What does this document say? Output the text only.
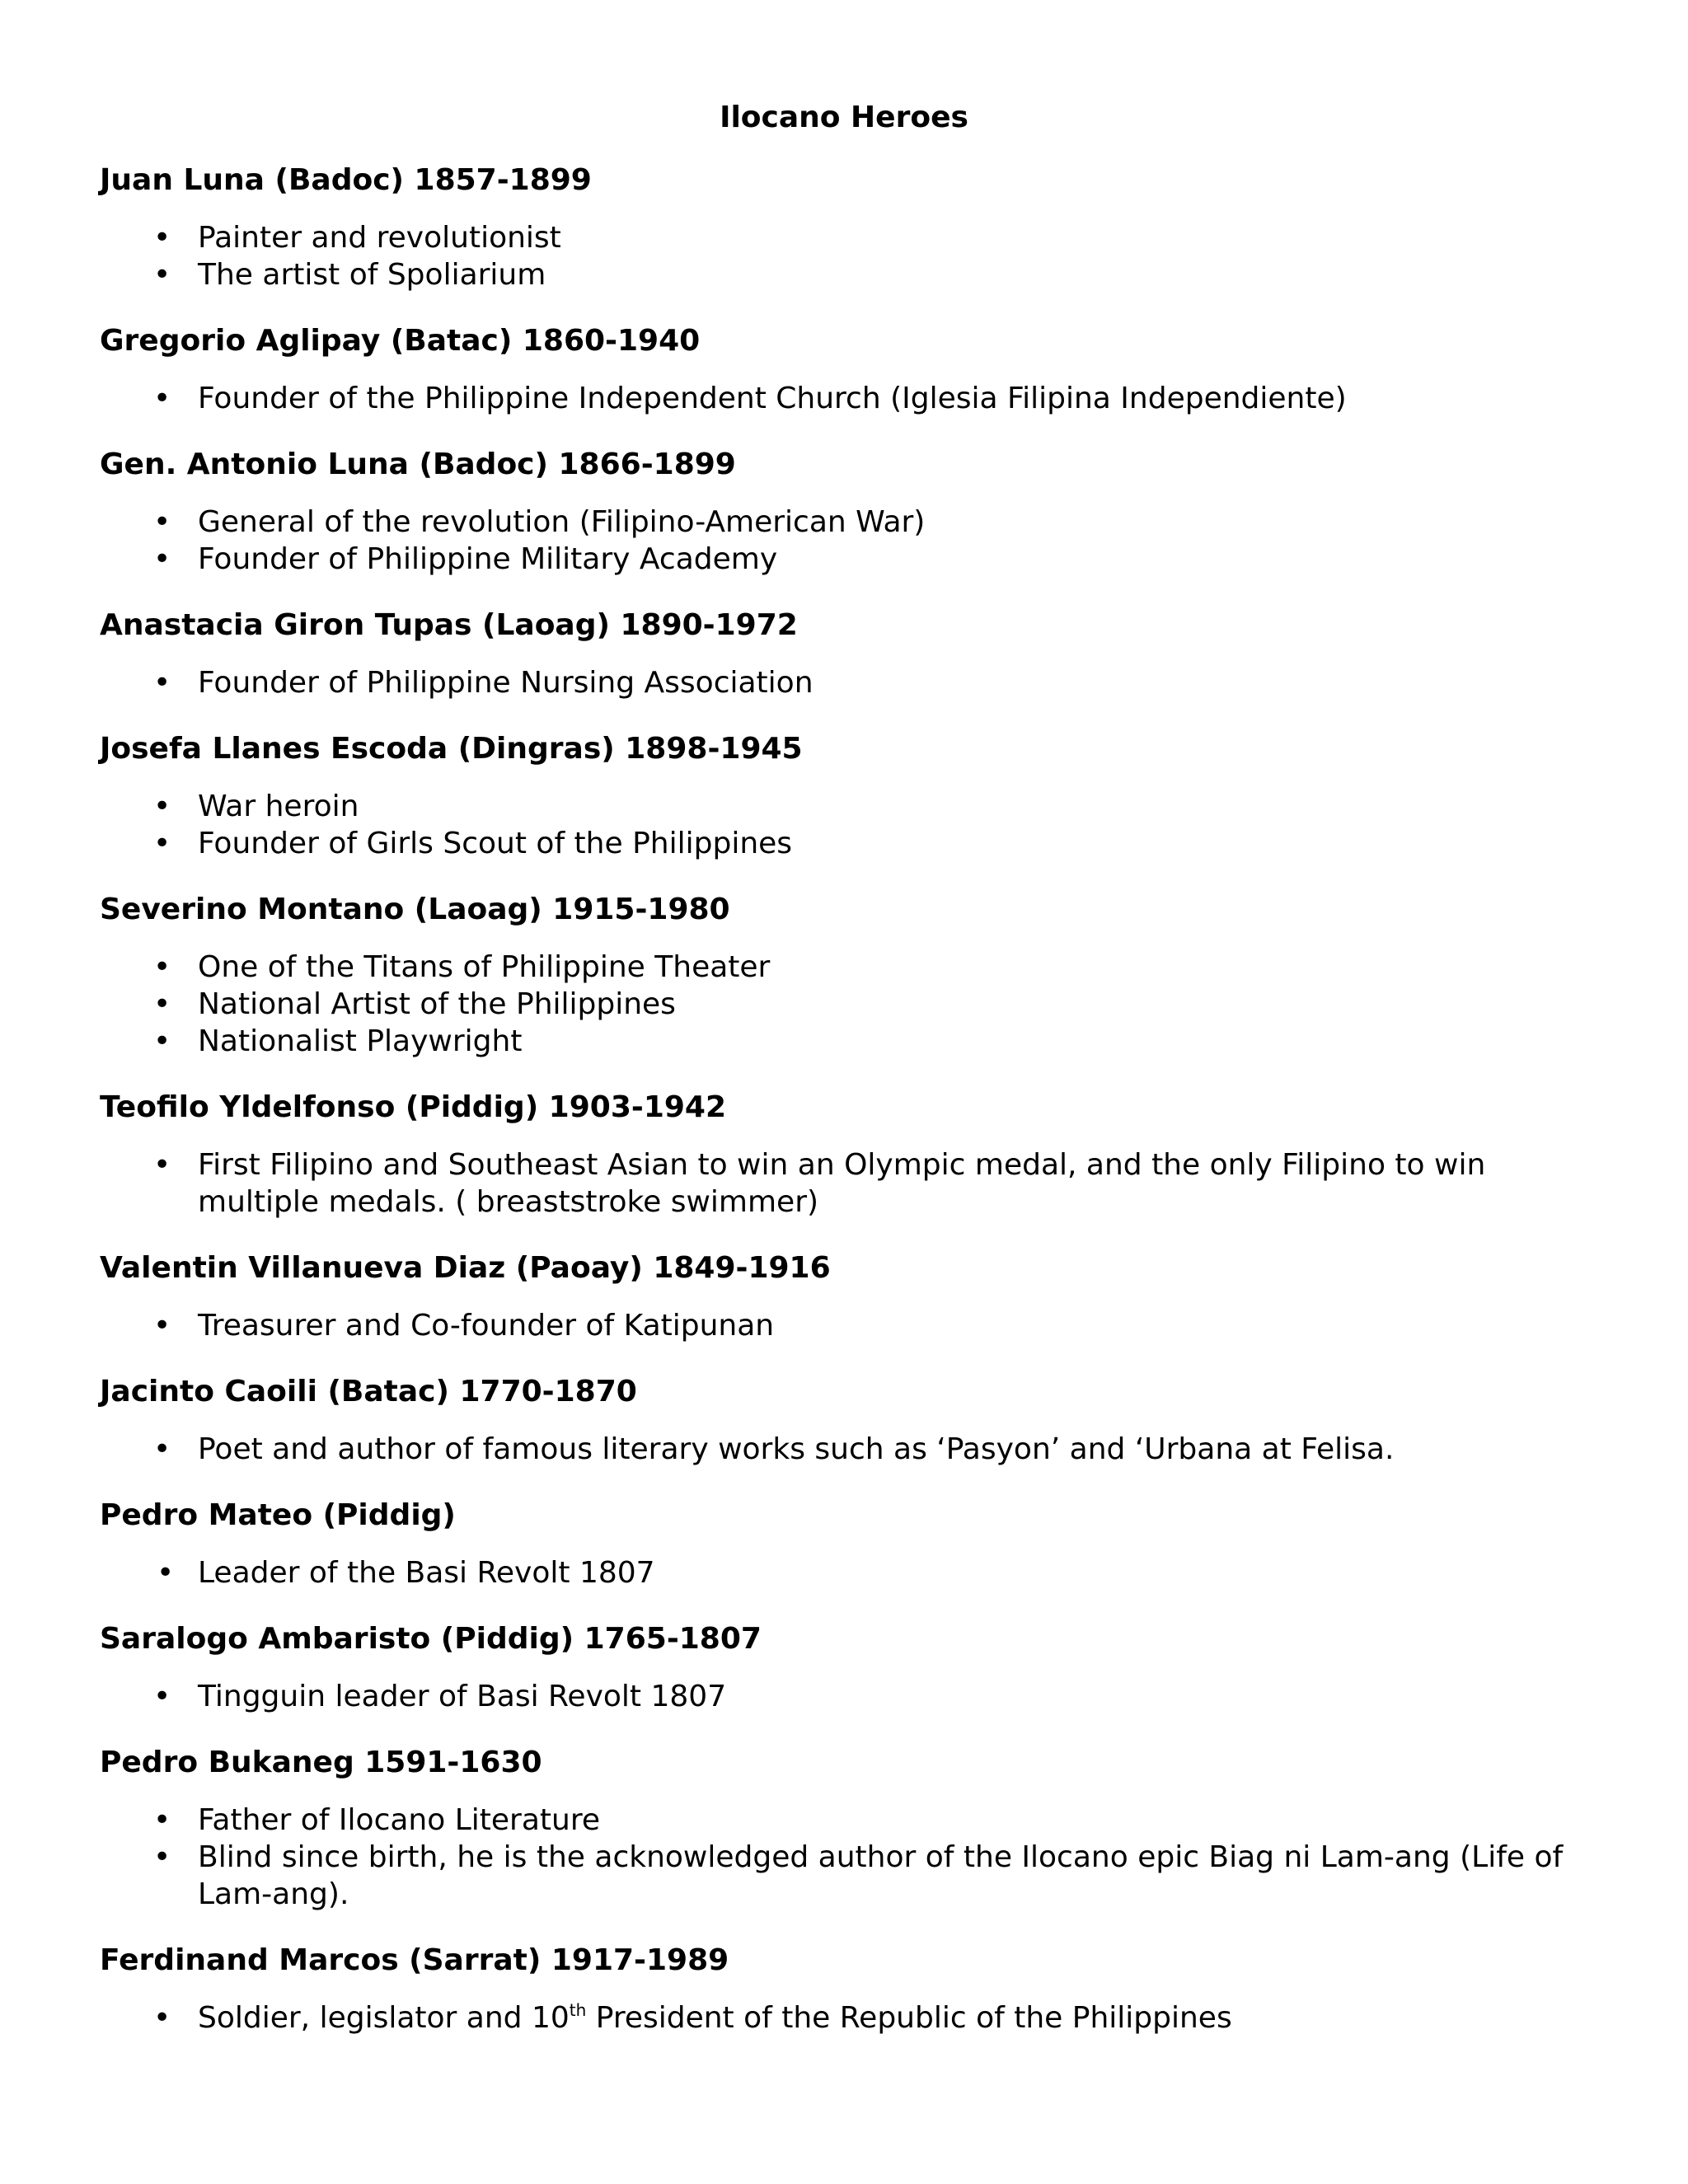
Ilocano Heroes
Juan Luna (Badoc) 1857-1899
• Painter and revolutionist
• The artist of Spoliarium
Gregorio Aglipay (Batac) 1860-1940
• Founder of the Philippine Independent Church (Iglesia Filipina Independiente)
Gen. Antonio Luna (Badoc) 1866-1899
• General of the revolution (Filipino-American War)
• Founder of Philippine Military Academy
Anastacia Giron Tupas (Laoag) 1890-1972
• Founder of Philippine Nursing Association
Josefa Llanes Escoda (Dingras) 1898-1945
• War heroin
• Founder of Girls Scout of the Philippines
Severino Montano (Laoag) 1915-1980
• One of the Titans of Philippine Theater
• National Artist of the Philippines
• Nationalist Playwright
Teofilo Yldelfonso (Piddig) 1903-1942
• First Filipino and Southeast Asian to win an Olympic medal, and the only Filipino to win multiple medals. ( breaststroke swimmer)
Valentin Villanueva Diaz (Paoay) 1849-1916
• Treasurer and Co-founder of Katipunan
Jacinto Caoili (Batac) 1770-1870
• Poet and author of famous literary works such as ‘Pasyon’ and ‘Urbana at Felisa.
Pedro Mateo (Piddig)
• Leader of the Basi Revolt 1807
Saralogo Ambaristo (Piddig) 1765-1807
• Tingguin leader of Basi Revolt 1807
Pedro Bukaneg 1591-1630
• Father of Ilocano Literature
• Blind since birth, he is the acknowledged author of the Ilocano epic Biag ni Lam-ang (Life of Lam-ang).
Ferdinand Marcos (Sarrat) 1917-1989
• Soldier, legislator and 10th President of the Republic of the Philippines
